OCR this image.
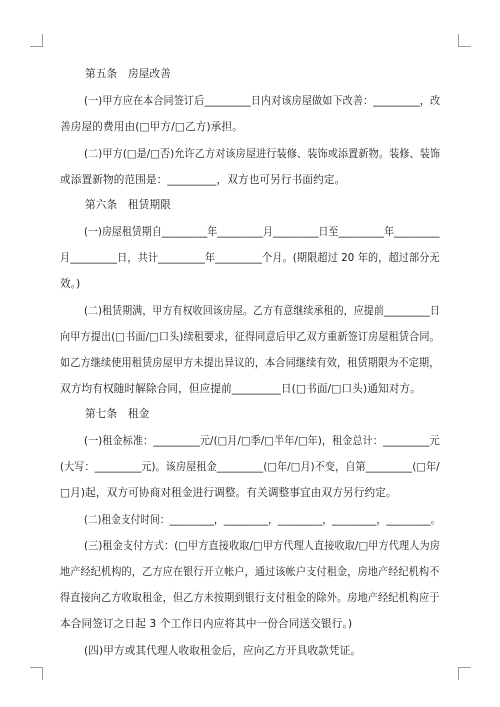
第五条　房屋改善
(一)甲方应在本合同签订后_________日内对该房屋做如下改善：_________，改
善房屋的费用由(□甲方/□乙方)承担。
(二)甲方(□是/□否)允许乙方对该房屋进行装修、装饰或添置新物。装修、装饰
或添置新物的范围是：_________，双方也可另行书面约定。
第六条　租赁期限
(一)房屋租赁期自_________年_________月_________日至_________年_________
月_________日，共计_________年_________个月。(期限超过 20 年的，超过部分无
效。)
(二)租赁期满，甲方有权收回该房屋。乙方有意继续承租的，应提前_________日
向甲方提出(□书面/□口头)续租要求，征得同意后甲乙双方重新签订房屋租赁合同。
如乙方继续使用租赁房屋甲方未提出异议的，本合同继续有效，租赁期限为不定期，
双方均有权随时解除合同，但应提前_________日(□书面/□口头)通知对方。
第七条　租金
(一)租金标准：_________元/(□月/□季/□半年/□年)，租金总计：_________元
(大写：_________元)。该房屋租金_________(□年/□月)不变，自第_________(□年/
□月)起，双方可协商对租金进行调整。有关调整事宜由双方另行约定。
(二)租金支付时间：_________，_________，_________，_________，_________。
(三)租金支付方式：(□甲方直接收取/□甲方代理人直接收取/□甲方代理人为房
地产经纪机构的，乙方应在银行开立帐户，通过该帐户支付租金，房地产经纪机构不
得直接向乙方收取租金，但乙方未按期到银行支付租金的除外。房地产经纪机构应于
本合同签订之日起 3 个工作日内应将其中一份合同送交银行。)
(四)甲方或其代理人收取租金后，应向乙方开具收款凭证。
